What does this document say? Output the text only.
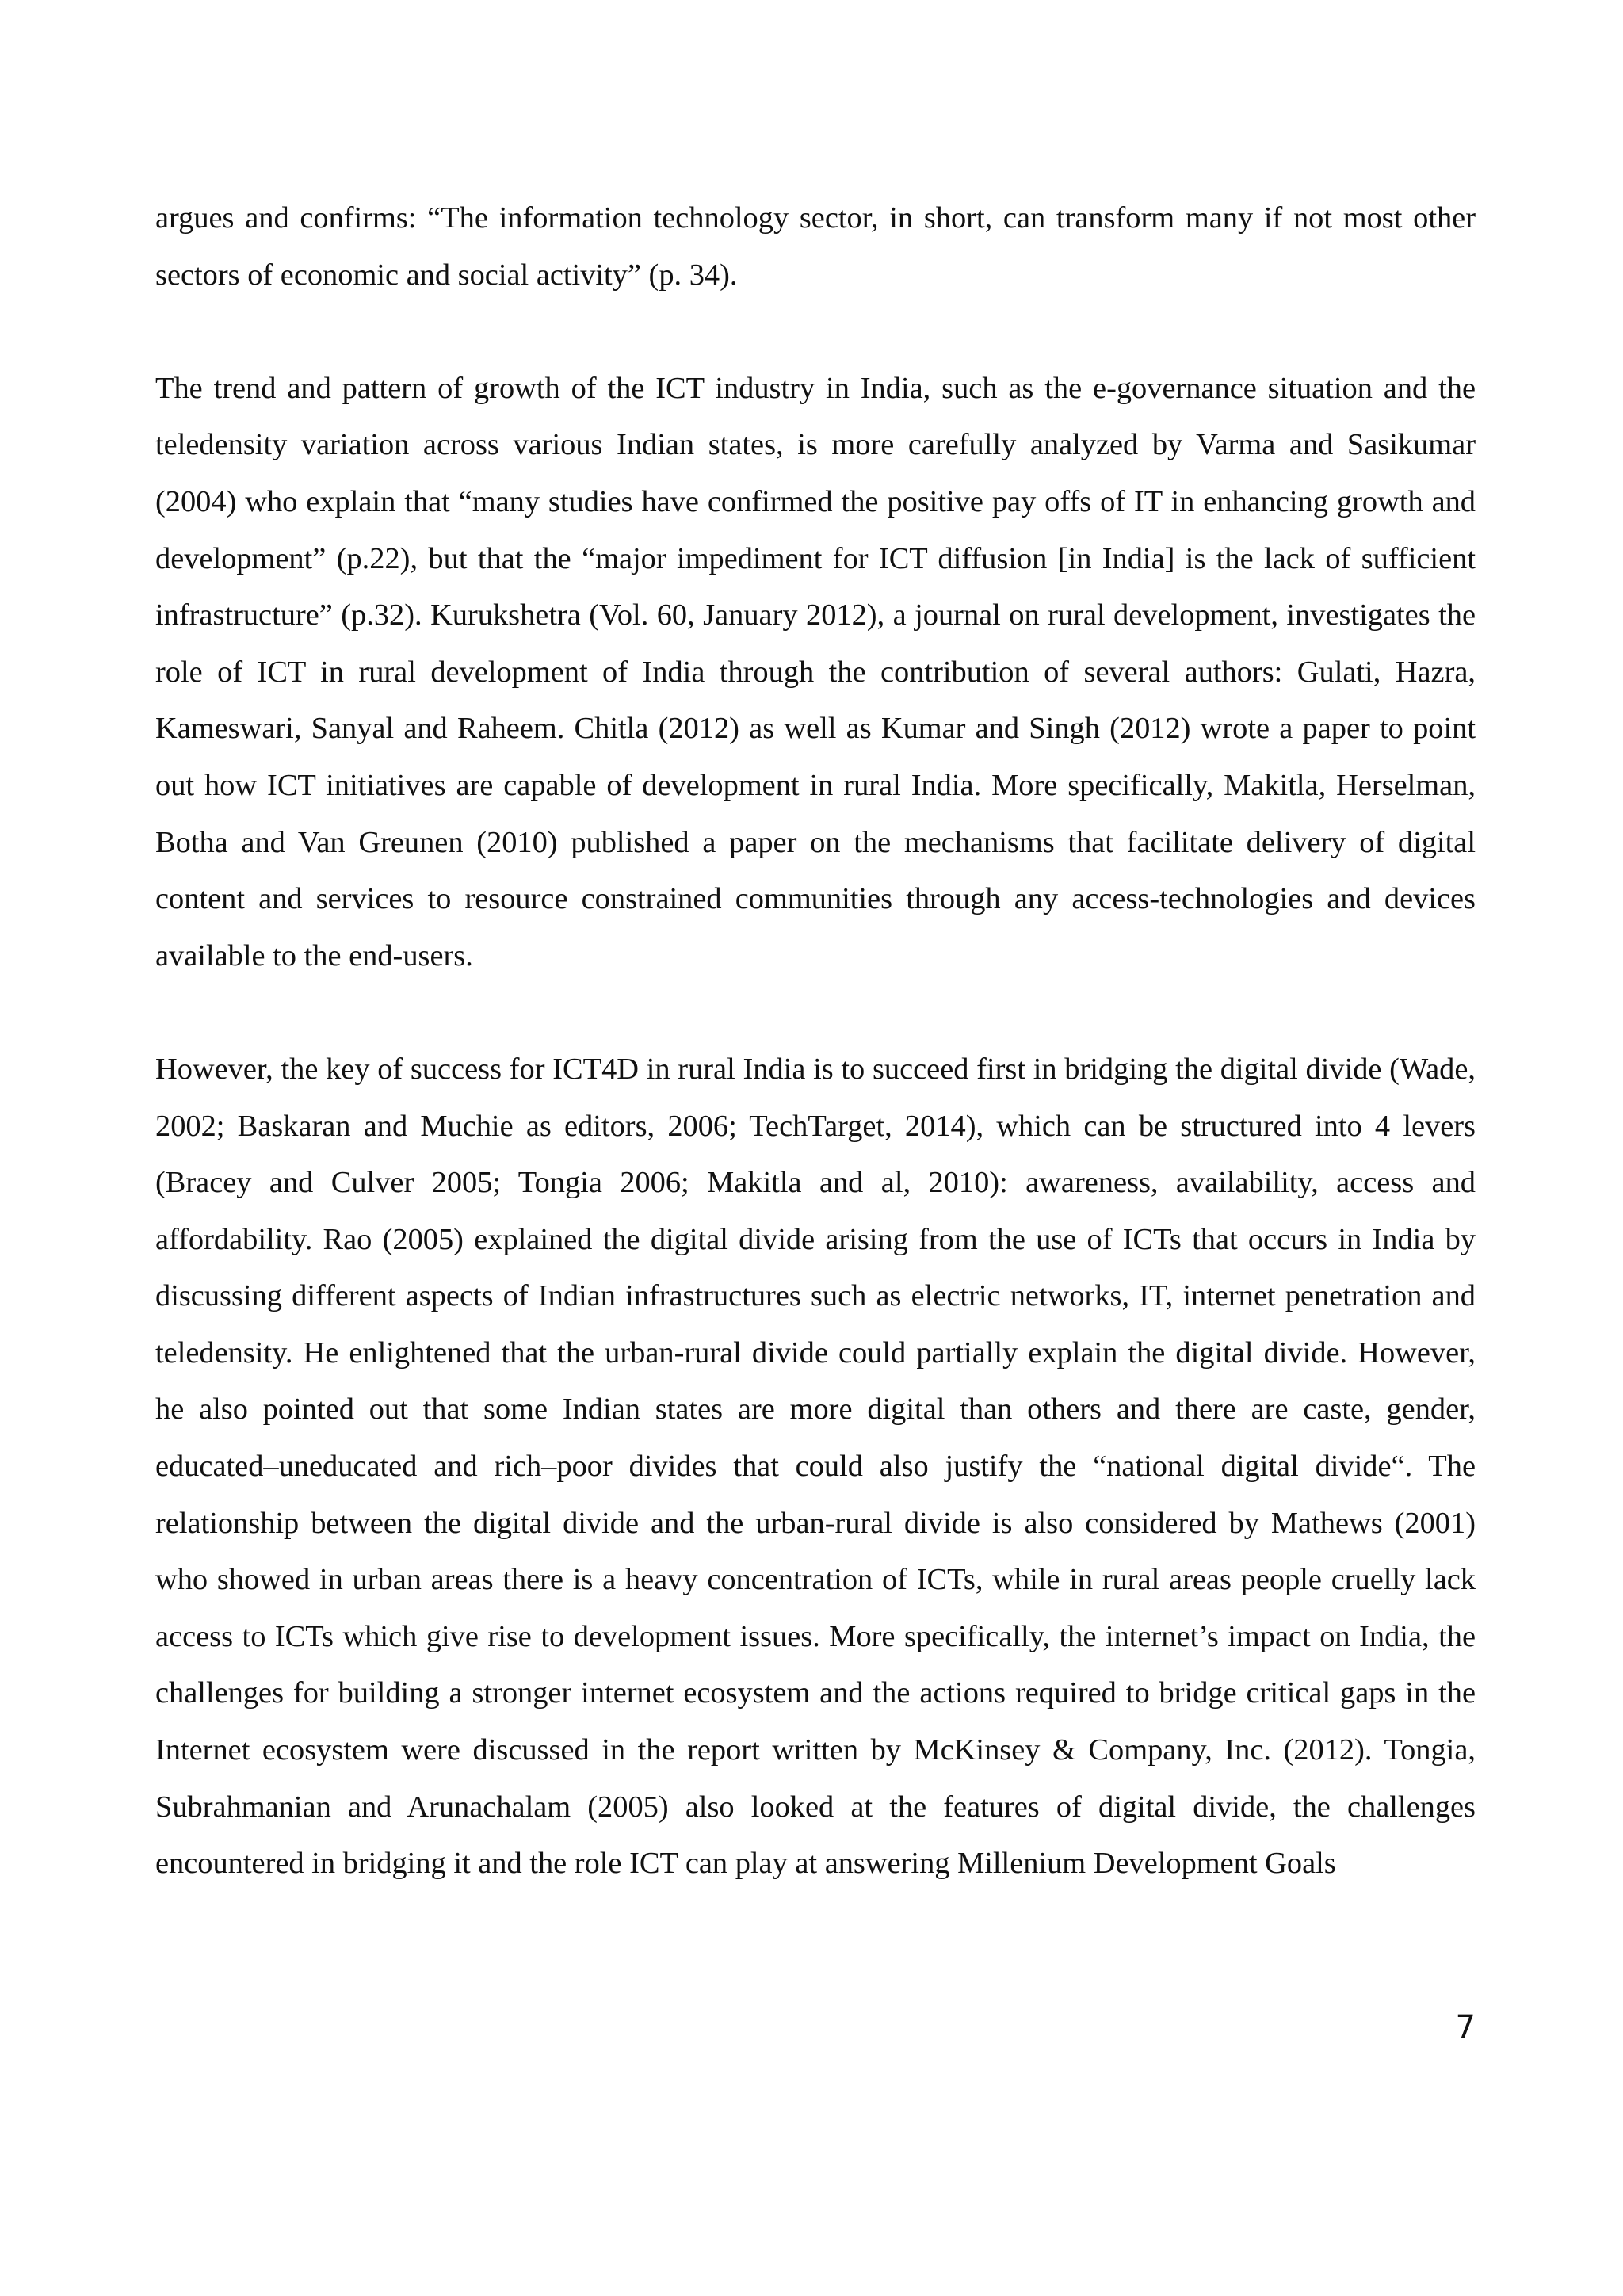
argues and confirms: “The information technology sector, in short, can transform many if not most other sectors of economic and social activity” (p. 34).

The trend and pattern of growth of the ICT industry in India, such as the e-governance situation and the teledensity variation across various Indian states, is more carefully analyzed by Varma and Sasikumar (2004) who explain that “many studies have confirmed the positive pay offs of IT in enhancing growth and development” (p.22), but that the “major impediment for ICT diffusion [in India] is the lack of sufficient infrastructure” (p.32). Kurukshetra (Vol. 60, January 2012), a journal on rural development, investigates the role of ICT in rural development of India through the contribution of several authors: Gulati, Hazra, Kameswari, Sanyal and Raheem. Chitla (2012) as well as Kumar and Singh (2012) wrote a paper to point out how ICT initiatives are capable of development in rural India. More specifically, Makitla, Herselman, Botha and Van Greunen (2010) published a paper on the mechanisms that facilitate delivery of digital content and services to resource constrained communities through any access-technologies and devices available to the end-users.

However, the key of success for ICT4D in rural India is to succeed first in bridging the digital divide (Wade, 2002; Baskaran and Muchie as editors, 2006; TechTarget, 2014), which can be structured into 4 levers (Bracey and Culver 2005; Tongia 2006; Makitla and al, 2010): awareness, availability, access and affordability. Rao (2005) explained the digital divide arising from the use of ICTs that occurs in India by discussing different aspects of Indian infrastructures such as electric networks, IT, internet penetration and teledensity. He enlightened that the urban-rural divide could partially explain the digital divide. However, he also pointed out that some Indian states are more digital than others and there are caste, gender, educated–uneducated and rich–poor divides that could also justify the “national digital divide“. The relationship between the digital divide and the urban-rural divide is also considered by Mathews (2001) who showed in urban areas there is a heavy concentration of ICTs, while in rural areas people cruelly lack access to ICTs which give rise to development issues. More specifically, the internet’s impact on India, the challenges for building a stronger internet ecosystem and the actions required to bridge critical gaps in the Internet ecosystem were discussed in the report written by McKinsey & Company, Inc. (2012). Tongia, Subrahmanian and Arunachalam (2005) also looked at the features of digital divide, the challenges encountered in bridging it and the role ICT can play at answering Millenium Development Goals

7
